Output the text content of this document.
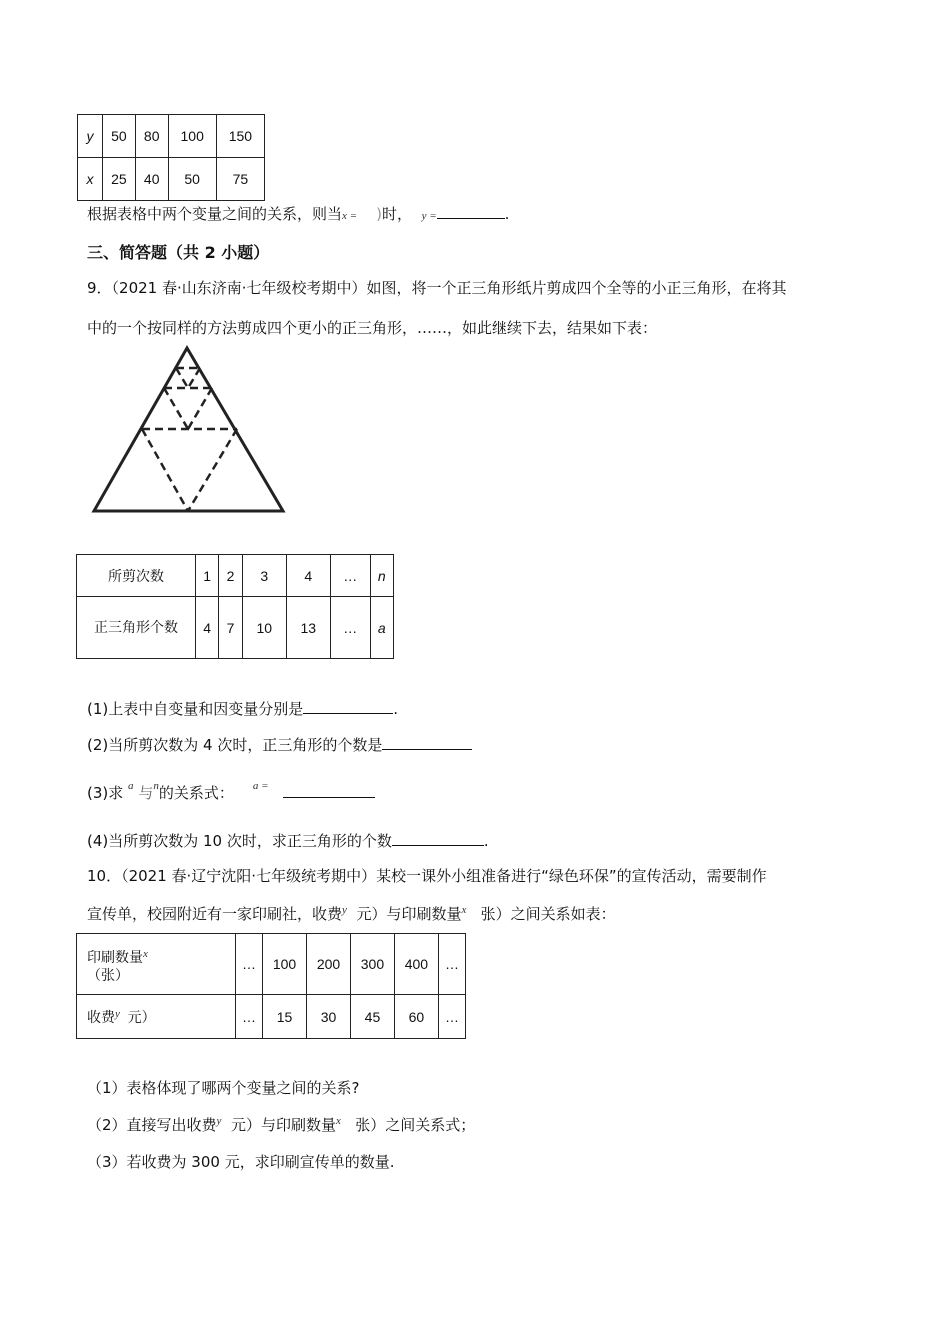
y	50	80	100	150
x	25	40	50	75
根据表格中两个变量之间的关系，则当x = )时， y =	.
三、简答题（共 2 小题）
9．（2021 春·山东济南·七年级校考期中）如图，将一个正三角形纸片剪成四个全等的小正三角形，在将其
中的一个按同样的方法剪成四个更小的正三角形，……，如此继续下去，结果如下表：
所剪次数	1	2	3	4	…	n
正三角形个数	4	7	10	13	…	a
(1)上表中自变量和因变量分别是	.
(2)当所剪次数为 4 次时，正三角形的个数是
(3)求 $^a$ 与$^n$的关系式： $^{a =}$
(4)当所剪次数为 10 次时，求正三角形的个数	.
10．（2021 春·辽宁沈阳·七年级统考期中）某校一课外小组准备进行“绿色环保”的宣传活动，需要制作
宣传单，校园附近有一家印刷社，收费$^y$ 元）与印刷数量$^x$ 张）之间关系如表：
印刷数量$^x$
（张）	…	100	200	300	400	…
收费$^y$ 元）	…	15	30	45	60	…
（1）表格体现了哪两个变量之间的关系?
（2）直接写出收费$^y$ 元）与印刷数量$^x$ 张）之间关系式；
（3）若收费为 300 元，求印刷宣传单的数量.
